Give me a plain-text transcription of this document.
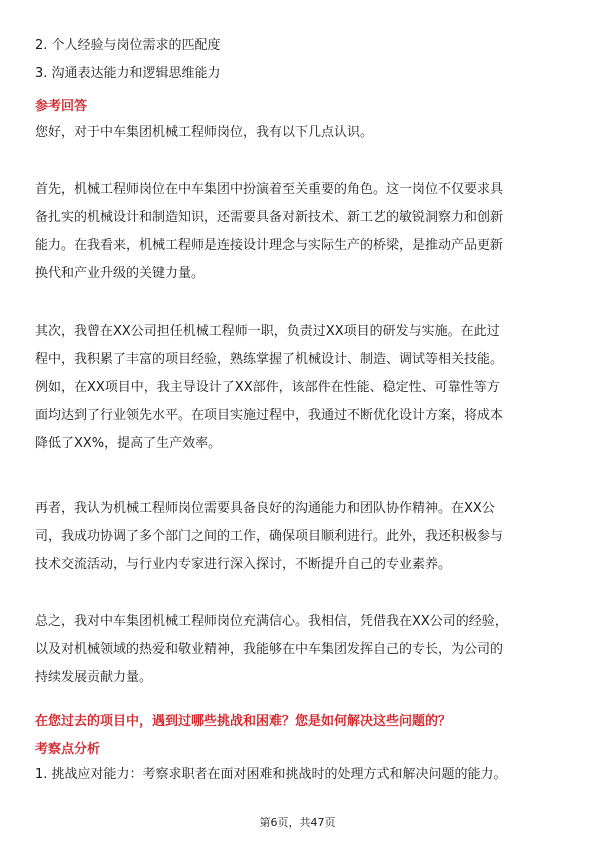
2. 个人经验与岗位需求的匹配度
3. 沟通表达能力和逻辑思维能力
参考回答
您好，对于中车集团机械工程师岗位，我有以下几点认识。
首先，机械工程师岗位在中车集团中扮演着至关重要的角色。这一岗位不仅要求具
备扎实的机械设计和制造知识，还需要具备对新技术、新工艺的敏锐洞察力和创新
能力。在我看来，机械工程师是连接设计理念与实际生产的桥梁，是推动产品更新
换代和产业升级的关键力量。
其次，我曾在XX公司担任机械工程师一职，负责过XX项目的研发与实施。在此过
程中，我积累了丰富的项目经验，熟练掌握了机械设计、制造、调试等相关技能。
例如，在XX项目中，我主导设计了XX部件，该部件在性能、稳定性、可靠性等方
面均达到了行业领先水平。在项目实施过程中，我通过不断优化设计方案，将成本
降低了XX%，提高了生产效率。
再者，我认为机械工程师岗位需要具备良好的沟通能力和团队协作精神。在XX公
司，我成功协调了多个部门之间的工作，确保项目顺利进行。此外，我还积极参与
技术交流活动，与行业内专家进行深入探讨，不断提升自己的专业素养。
总之，我对中车集团机械工程师岗位充满信心。我相信，凭借我在XX公司的经验，
以及对机械领域的热爱和敬业精神，我能够在中车集团发挥自己的专长，为公司的
持续发展贡献力量。
在您过去的项目中，遇到过哪些挑战和困难？您是如何解决这些问题的？
考察点分析
1. 挑战应对能力：考察求职者在面对困难和挑战时的处理方式和解决问题的能力。
第6页，共47页
